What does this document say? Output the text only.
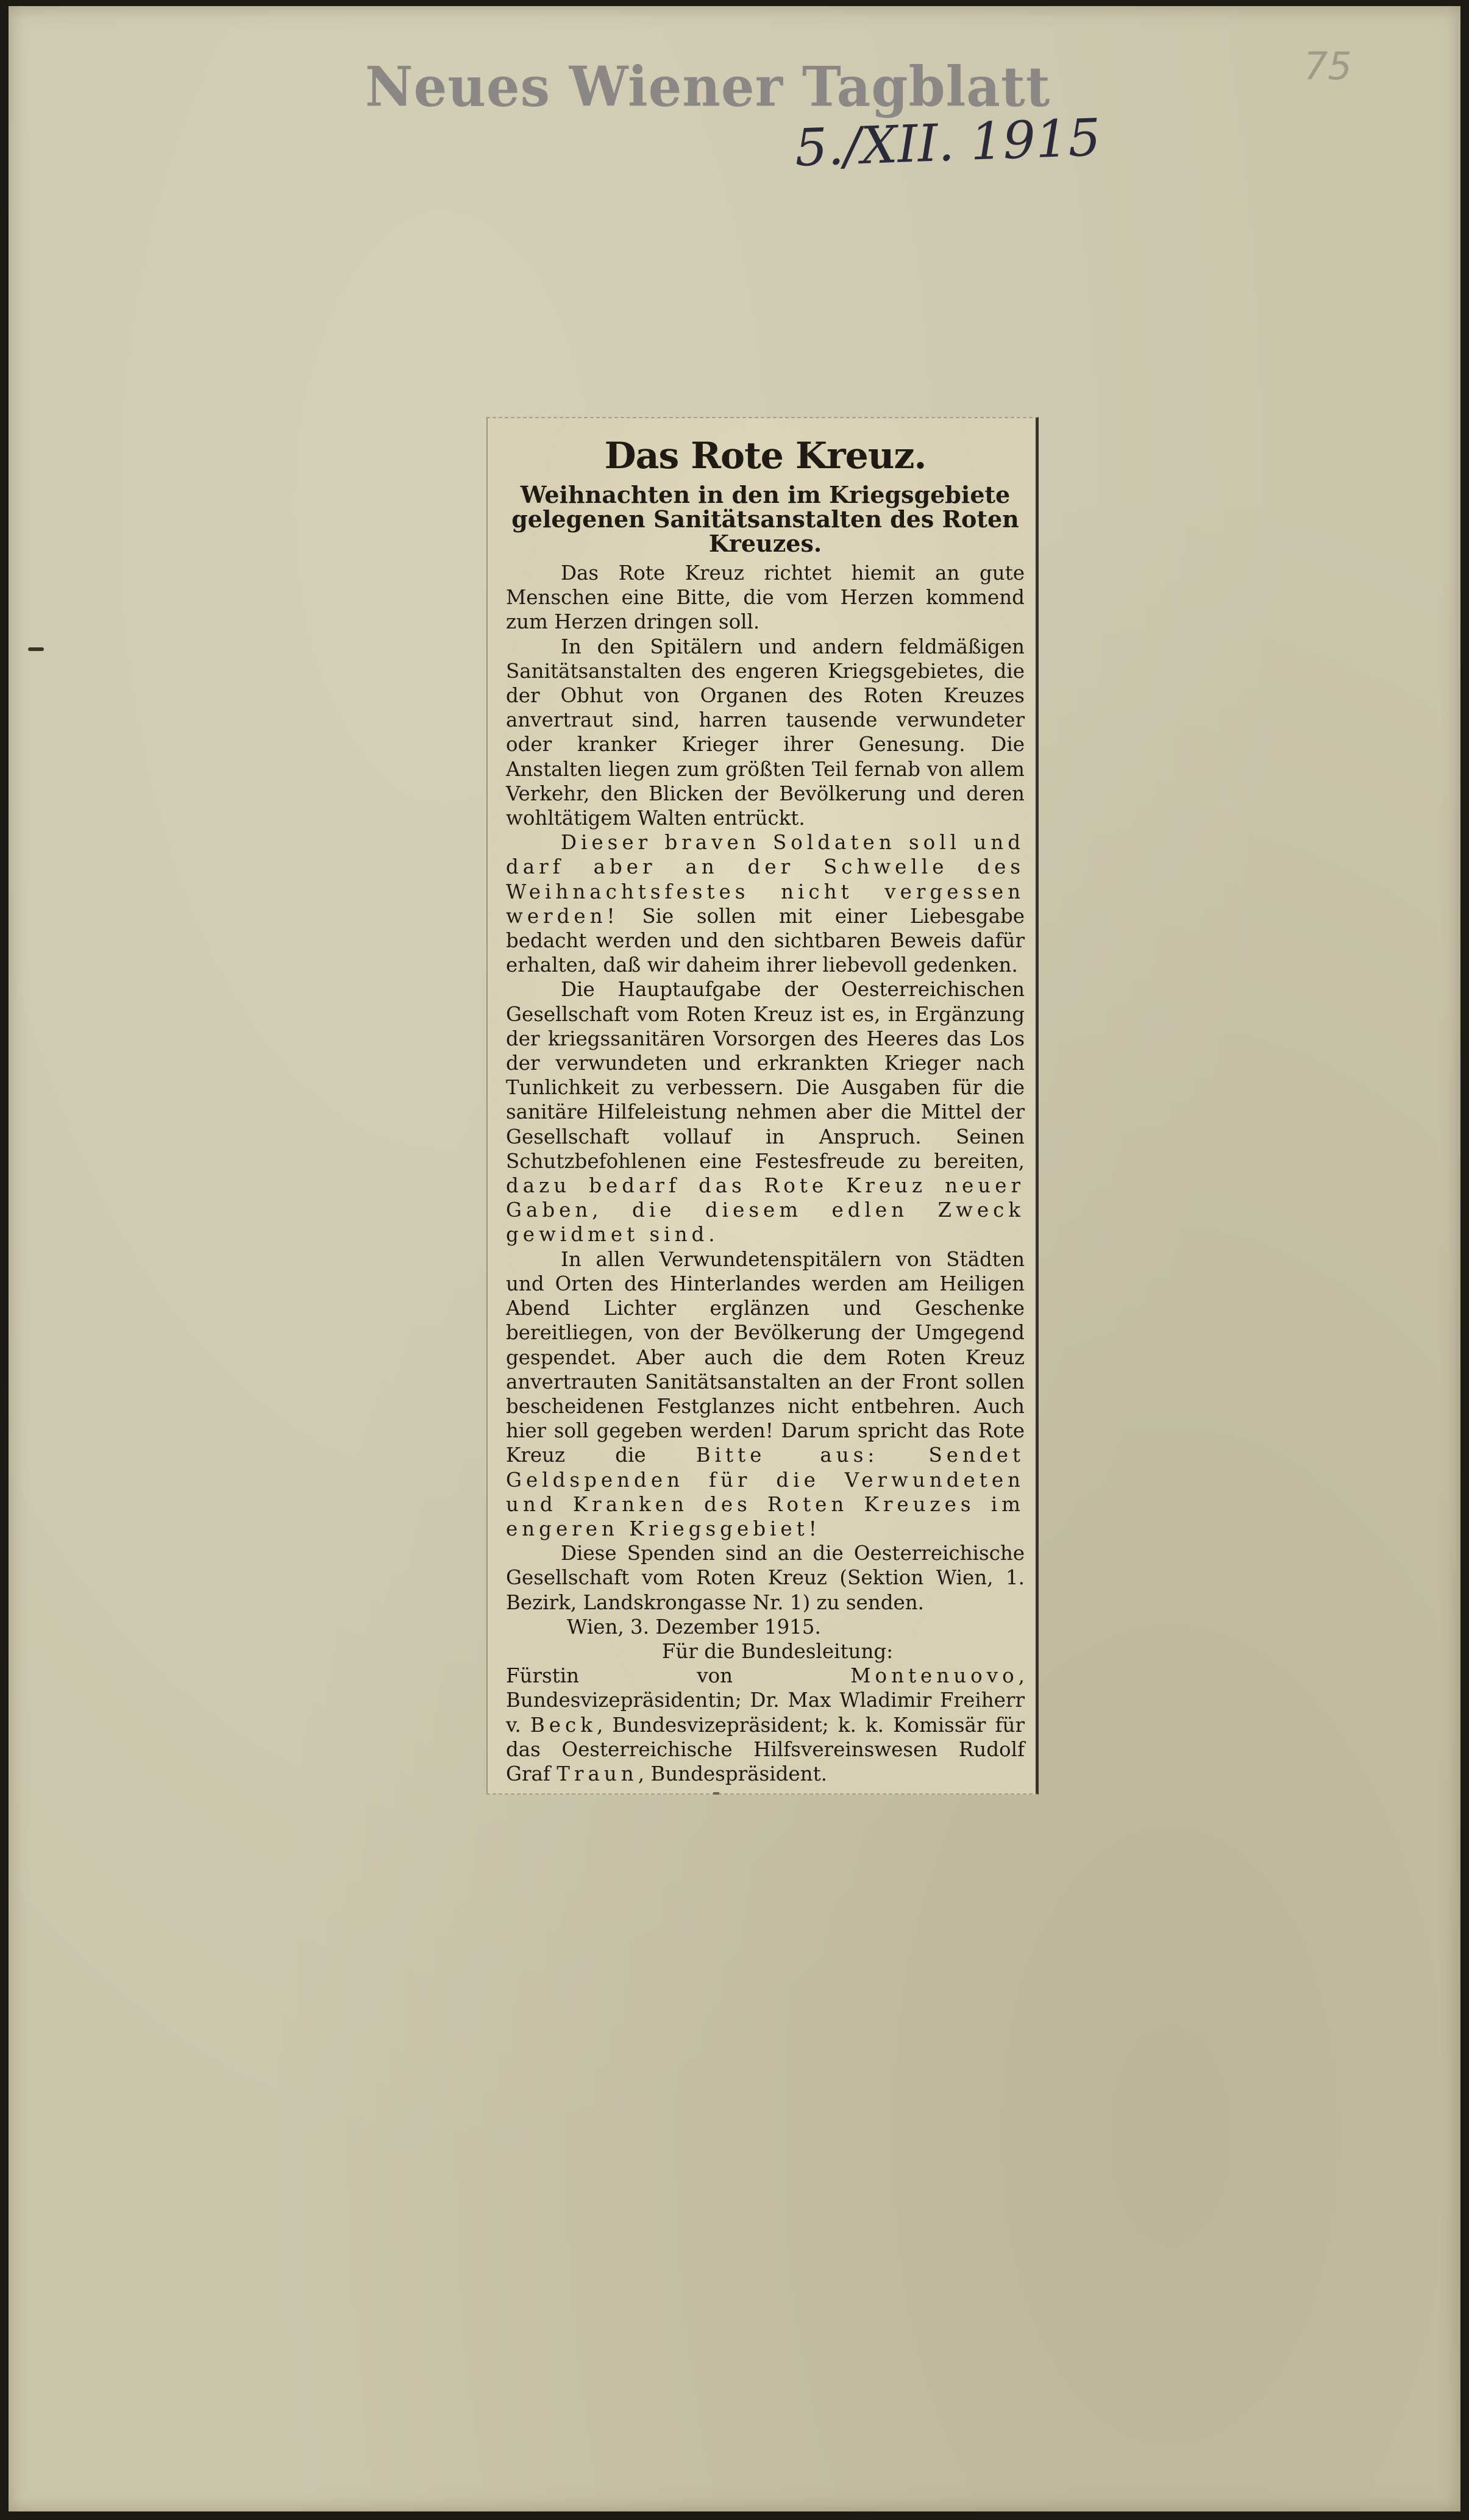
Neues Wiener Tagblatt
5./XII. 1915
75
Das Rote Kreuz.
Weihnachten in den im Kriegsgebiete gelegenen Sanitätsanstalten des Roten Kreuzes.

Das Rote Kreuz richtet hiemit an gute Menschen eine Bitte, die vom Herzen kommend zum Herzen dringen soll.

In den Spitälern und andern feldmäßigen Sanitätsanstalten des engeren Kriegsgebietes, die der Obhut von Organen des Roten Kreuzes anvertraut sind, harren tausende verwundeter oder kranker Krieger ihrer Genesung. Die Anstalten liegen zum größten Teil fernab von allem Verkehr, den Blicken der Bevölkerung und deren wohltätigem Walten entrückt.

Dieser braven Soldaten soll und darf aber an der Schwelle des Weihnachtsfestes nicht vergessen werden! Sie sollen mit einer Liebesgabe bedacht werden und den sichtbaren Beweis dafür erhalten, daß wir daheim ihrer liebevoll gedenken.

Die Hauptaufgabe der Oesterreichischen Gesellschaft vom Roten Kreuz ist es, in Ergänzung der kriegssanitären Vorsorgen des Heeres das Los der verwundeten und erkrankten Krieger nach Tunlichkeit zu verbessern. Die Ausgaben für die sanitäre Hilfeleistung nehmen aber die Mittel der Gesellschaft vollauf in Anspruch. Seinen Schutzbefohlenen eine Festesfreude zu bereiten, dazu bedarf das Rote Kreuz neuer Gaben, die diesem edlen Zweck gewidmet sind.

In allen Verwundetenspitälern von Städten und Orten des Hinterlandes werden am Heiligen Abend Lichter erglänzen und Geschenke bereitliegen, von der Bevölkerung der Umgegend gespendet. Aber auch die dem Roten Kreuz anvertrauten Sanitätsanstalten an der Front sollen bescheidenen Festglanzes nicht entbehren. Auch hier soll gegeben werden! Darum spricht das Rote Kreuz die Bitte aus:	Sendet Geldspenden für die Verwundeten und Kranken des Roten Kreuzes im engeren Kriegsgebiet!

Diese Spenden sind an die Oesterreichische Gesellschaft vom Roten Kreuz (Sektion Wien, 1. Bezirk, Landskrongasse Nr. 1) zu senden.

Wien, 3. Dezember 1915.
Für die Bundesleitung:

Fürstin von Montenuovo, Bundesvizepräsidentin; Dr. Max Wladimir Freiherr v. Beck, Bundesvizepräsident; k. k. Komissär für das Oesterreichische Hilfsvereinswesen Rudolf Graf Traun, Bundespräsident.
